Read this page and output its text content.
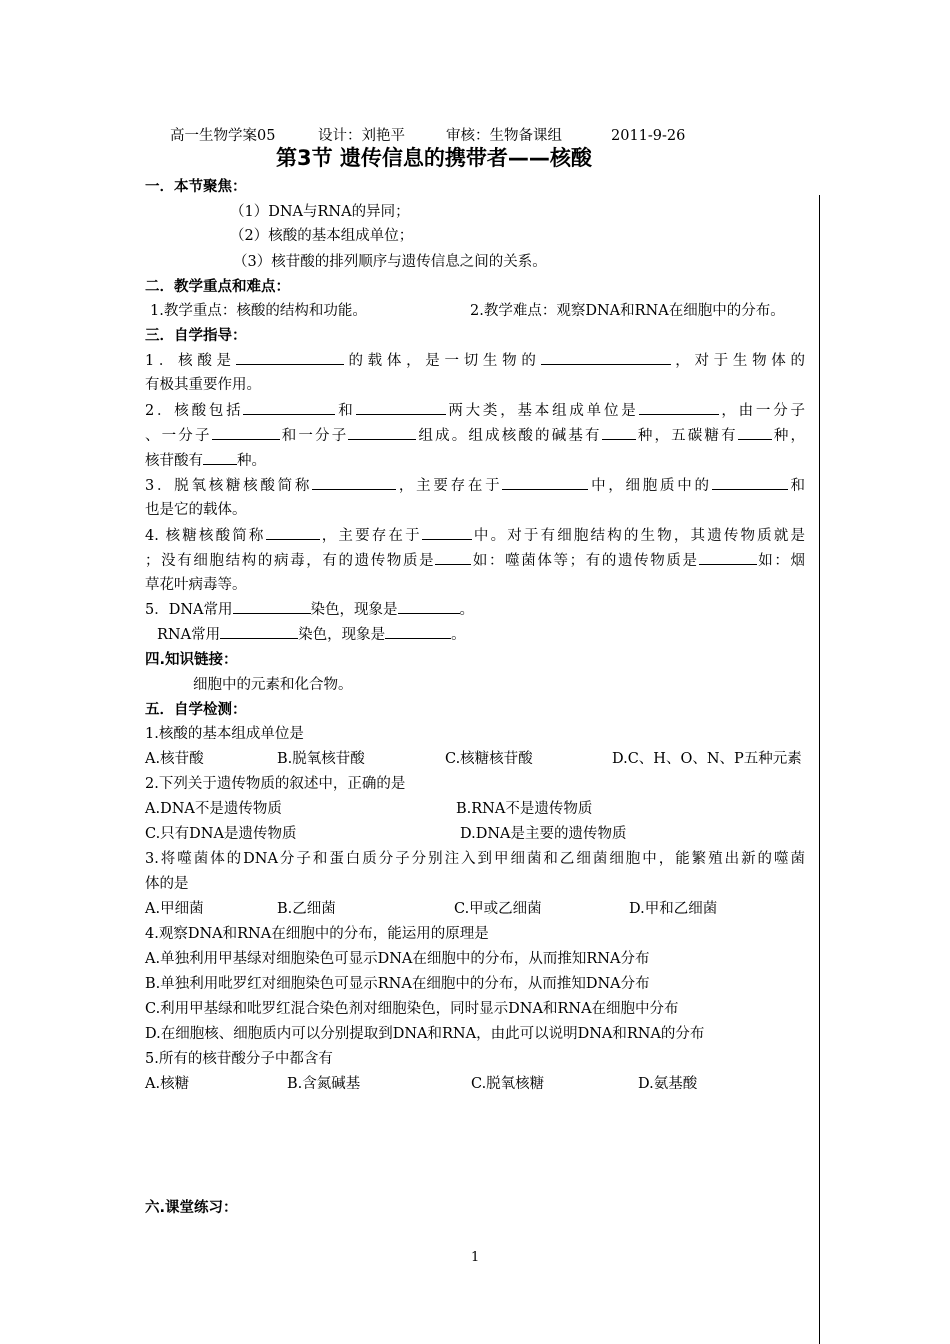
高一生物学案05	设计：刘艳平	审核：生物备课组	2011-9-26
第3节 遗传信息的携带者——核酸
一．本节聚焦：
（1）DNA与RNA的异同；
（2）核酸的基本组成单位；
（3）核苷酸的排列顺序与遗传信息之间的关系。
二．教学重点和难点：
1.教学重点：核酸的结构和功能。	2.教学难点：观察DNA和RNA在细胞中的分布。
三．自学指导：
1．核酸是	的载体，是一切生物的	，对于生物体的
有极其重要作用。
2．核酸包括	和	两大类，基本组成单位是	，由一分子
、一分子	和一分子	组成。组成核酸的碱基有 种，五碳糖有 种，
核苷酸有 种。
3．脱氧核糖核酸简称	，主要存在于	中，细胞质中的	和
也是它的载体。
4. 核糖核酸简称	，主要存在于	中。对于有细胞结构的生物，其遗传物质就是
；没有细胞结构的病毒，有的遗传物质是 如：噬菌体等；有的遗传物质是	如：烟
草花叶病毒等。
5．DNA常用	染色，现象是	。
RNA常用	染色，现象是	。
四.知识链接：
细胞中的元素和化合物。
五．自学检测：
1.核酸的基本组成单位是
A.核苷酸	B.脱氧核苷酸	C.核糖核苷酸	D.C、H、O、N、P五种元素
2.下列关于遗传物质的叙述中，正确的是
A.DNA不是遗传物质	B.RNA不是遗传物质
C.只有DNA是遗传物质	D.DNA是主要的遗传物质
3.将噬菌体的DNA分子和蛋白质分子分别注入到甲细菌和乙细菌细胞中，能繁殖出新的噬菌
体的是
A.甲细菌	B.乙细菌	C.甲或乙细菌	D.甲和乙细菌
4.观察DNA和RNA在细胞中的分布，能运用的原理是
A.单独利用甲基绿对细胞染色可显示DNA在细胞中的分布，从而推知RNA分布
B.单独利用吡罗红对细胞染色可显示RNA在细胞中的分布，从而推知DNA分布
C.利用甲基绿和吡罗红混合染色剂对细胞染色，同时显示DNA和RNA在细胞中分布
D.在细胞核、细胞质内可以分别提取到DNA和RNA，由此可以说明DNA和RNA的分布
5.所有的核苷酸分子中都含有
A.核糖	B.含氮碱基	C.脱氧核糖	D.氨基酸
六.课堂练习：
1
